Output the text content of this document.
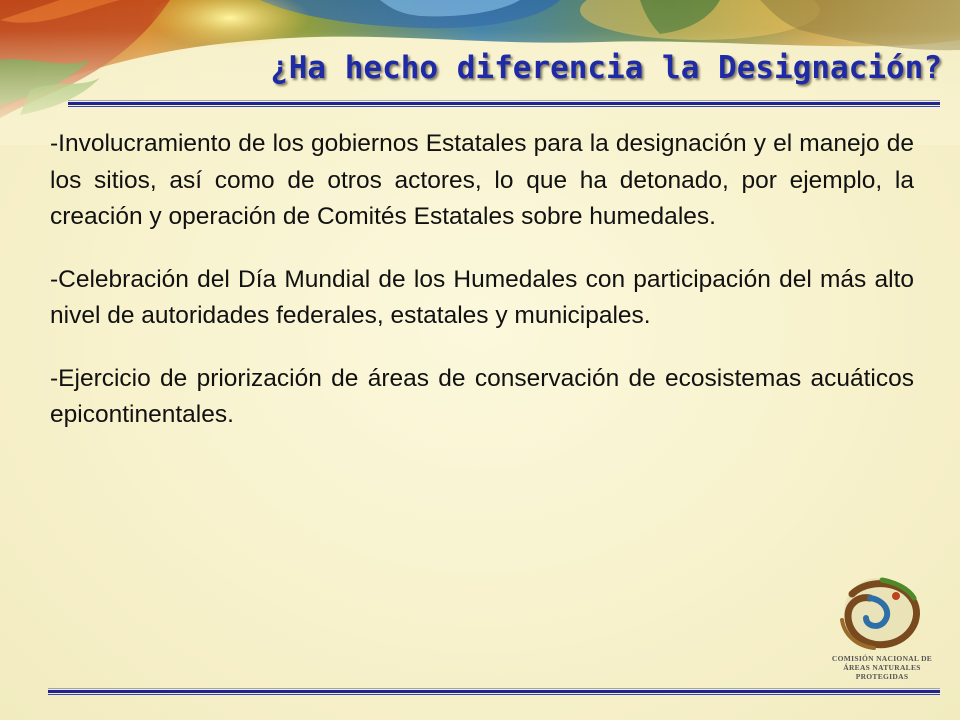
¿Ha hecho diferencia la Designación?

-Involucramiento de los gobiernos Estatales para la designación y el manejo de los sitios, así como de otros actores, lo que ha detonado, por ejemplo, la creación y operación de Comités Estatales sobre humedales.

-Celebración del Día Mundial de los Humedales con participación del más alto nivel de autoridades federales, estatales y municipales.

-Ejercicio de priorización de áreas de conservación de ecosistemas acuáticos epicontinentales.

COMISIÓN NACIONAL DE
ÁREAS NATURALES
PROTEGIDAS
